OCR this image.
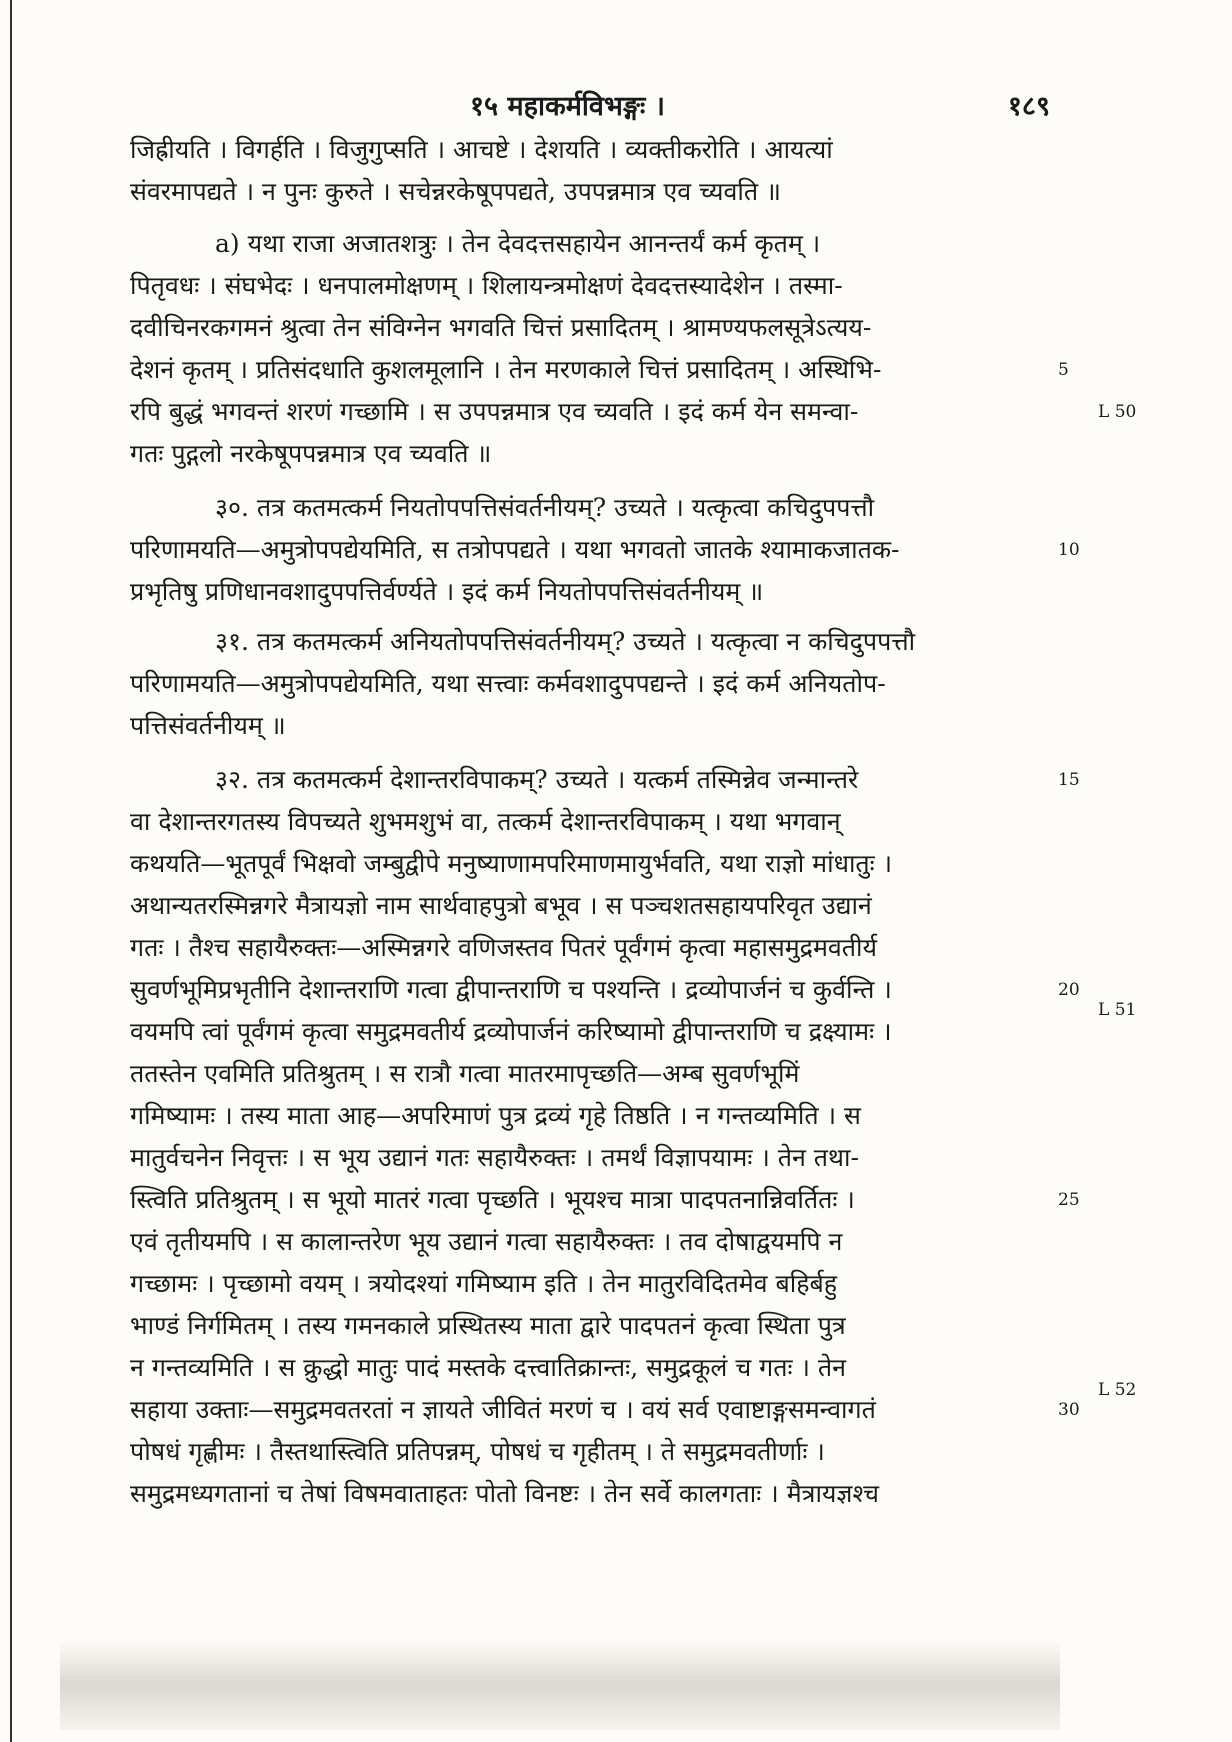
१५ महाकर्मविभङ्गः ।	१८९
जिह्रीयति । विगर्हति । विजुगुप्सति । आचष्टे । देशयति । व्यक्तीकरोति । आयत्यां
संवरमापद्यते । न पुनः कुरुते । सचेन्नरकेषूपपद्यते, उपपन्नमात्र एव च्यवति ॥
a) यथा राजा अजातशत्रुः । तेन देवदत्तसहायेन आनन्तर्यं कर्म कृतम् ।
पितृवधः । संघभेदः । धनपालमोक्षणम् । शिलायन्त्रमोक्षणं देवदत्तस्यादेशेन । तस्मा-
दवीचिनरकगमनं श्रुत्वा तेन संविग्नेन भगवति चित्तं प्रसादितम् । श्रामण्यफलसूत्रेऽत्यय-
देशनं कृतम् । प्रतिसंदधाति कुशलमूलानि । तेन मरणकाले चित्तं प्रसादितम् । अस्थिभि-
रपि बुद्धं भगवन्तं शरणं गच्छामि । स उपपन्नमात्र एव च्यवति । इदं कर्म येन समन्वा-
गतः पुद्गलो नरकेषूपपन्नमात्र एव च्यवति ॥
३०. तत्र कतमत्कर्म नियतोपपत्तिसंवर्तनीयम्? उच्यते । यत्कृत्वा कचिदुपपत्तौ
परिणामयति—अमुत्रोपपद्येयमिति, स तत्रोपपद्यते । यथा भगवतो जातके श्यामाकजातक-
प्रभृतिषु प्रणिधानवशादुपपत्तिर्वर्ण्यते । इदं कर्म नियतोपपत्तिसंवर्तनीयम् ॥
३१. तत्र कतमत्कर्म अनियतोपपत्तिसंवर्तनीयम्? उच्यते । यत्कृत्वा न कचिदुपपत्तौ
परिणामयति—अमुत्रोपपद्येयमिति, यथा सत्त्वाः कर्मवशादुपपद्यन्ते । इदं कर्म अनियतोप-
पत्तिसंवर्तनीयम् ॥
३२. तत्र कतमत्कर्म देशान्तरविपाकम्? उच्यते । यत्कर्म तस्मिन्नेव जन्मान्तरे
वा देशान्तरगतस्य विपच्यते शुभमशुभं वा, तत्कर्म देशान्तरविपाकम् । यथा भगवान्
कथयति—भूतपूर्वं भिक्षवो जम्बुद्वीपे मनुष्याणामपरिमाणमायुर्भवति, यथा राज्ञो मांधातुः ।
अथान्यतरस्मिन्नगरे मैत्रायज्ञो नाम सार्थवाहपुत्रो बभूव । स पञ्चशतसहायपरिवृत उद्यानं
गतः । तैश्च सहायैरुक्तः—अस्मिन्नगरे वणिजस्तव पितरं पूर्वंगमं कृत्वा महासमुद्रमवतीर्य
सुवर्णभूमिप्रभृतीनि देशान्तराणि गत्वा द्वीपान्तराणि च पश्यन्ति । द्रव्योपार्जनं च कुर्वन्ति ।
वयमपि त्वां पूर्वंगमं कृत्वा समुद्रमवतीर्य द्रव्योपार्जनं करिष्यामो द्वीपान्तराणि च द्रक्ष्यामः ।
ततस्तेन एवमिति प्रतिश्रुतम् । स रात्रौ गत्वा मातरमापृच्छति—अम्ब सुवर्णभूमिं
गमिष्यामः । तस्य माता आह—अपरिमाणं पुत्र द्रव्यं गृहे तिष्ठति । न गन्तव्यमिति । स
मातुर्वचनेन निवृत्तः । स भूय उद्यानं गतः सहायैरुक्तः । तमर्थं विज्ञापयामः । तेन तथा-
स्त्विति प्रतिश्रुतम् । स भूयो मातरं गत्वा पृच्छति । भूयश्च मात्रा पादपतनान्निवर्तितः ।
एवं तृतीयमपि । स कालान्तरेण भूय उद्यानं गत्वा सहायैरुक्तः । तव दोषाद्वयमपि न
गच्छामः । पृच्छामो वयम् । त्रयोदश्यां गमिष्याम इति । तेन मातुरविदितमेव बहिर्बहु
भाण्डं निर्गमितम् । तस्य गमनकाले प्रस्थितस्य माता द्वारे पादपतनं कृत्वा स्थिता पुत्र
न गन्तव्यमिति । स क्रुद्धो मातुः पादं मस्तके दत्त्वातिक्रान्तः, समुद्रकूलं च गतः । तेन
सहाया उक्ताः—समुद्रमवतरतां न ज्ञायते जीवितं मरणं च । वयं सर्व एवाष्टाङ्गसमन्वागतं
पोषधं गृह्णीमः । तैस्तथास्त्विति प्रतिपन्नम्, पोषधं च गृहीतम् । ते समुद्रमवतीर्णाः ।
समुद्रमध्यगतानां च तेषां विषमवाताहतः पोतो विनष्टः । तेन सर्वे कालगताः । मैत्रायज्ञश्च
5
10
15
20
25
30
L 50
L 51
L 52
